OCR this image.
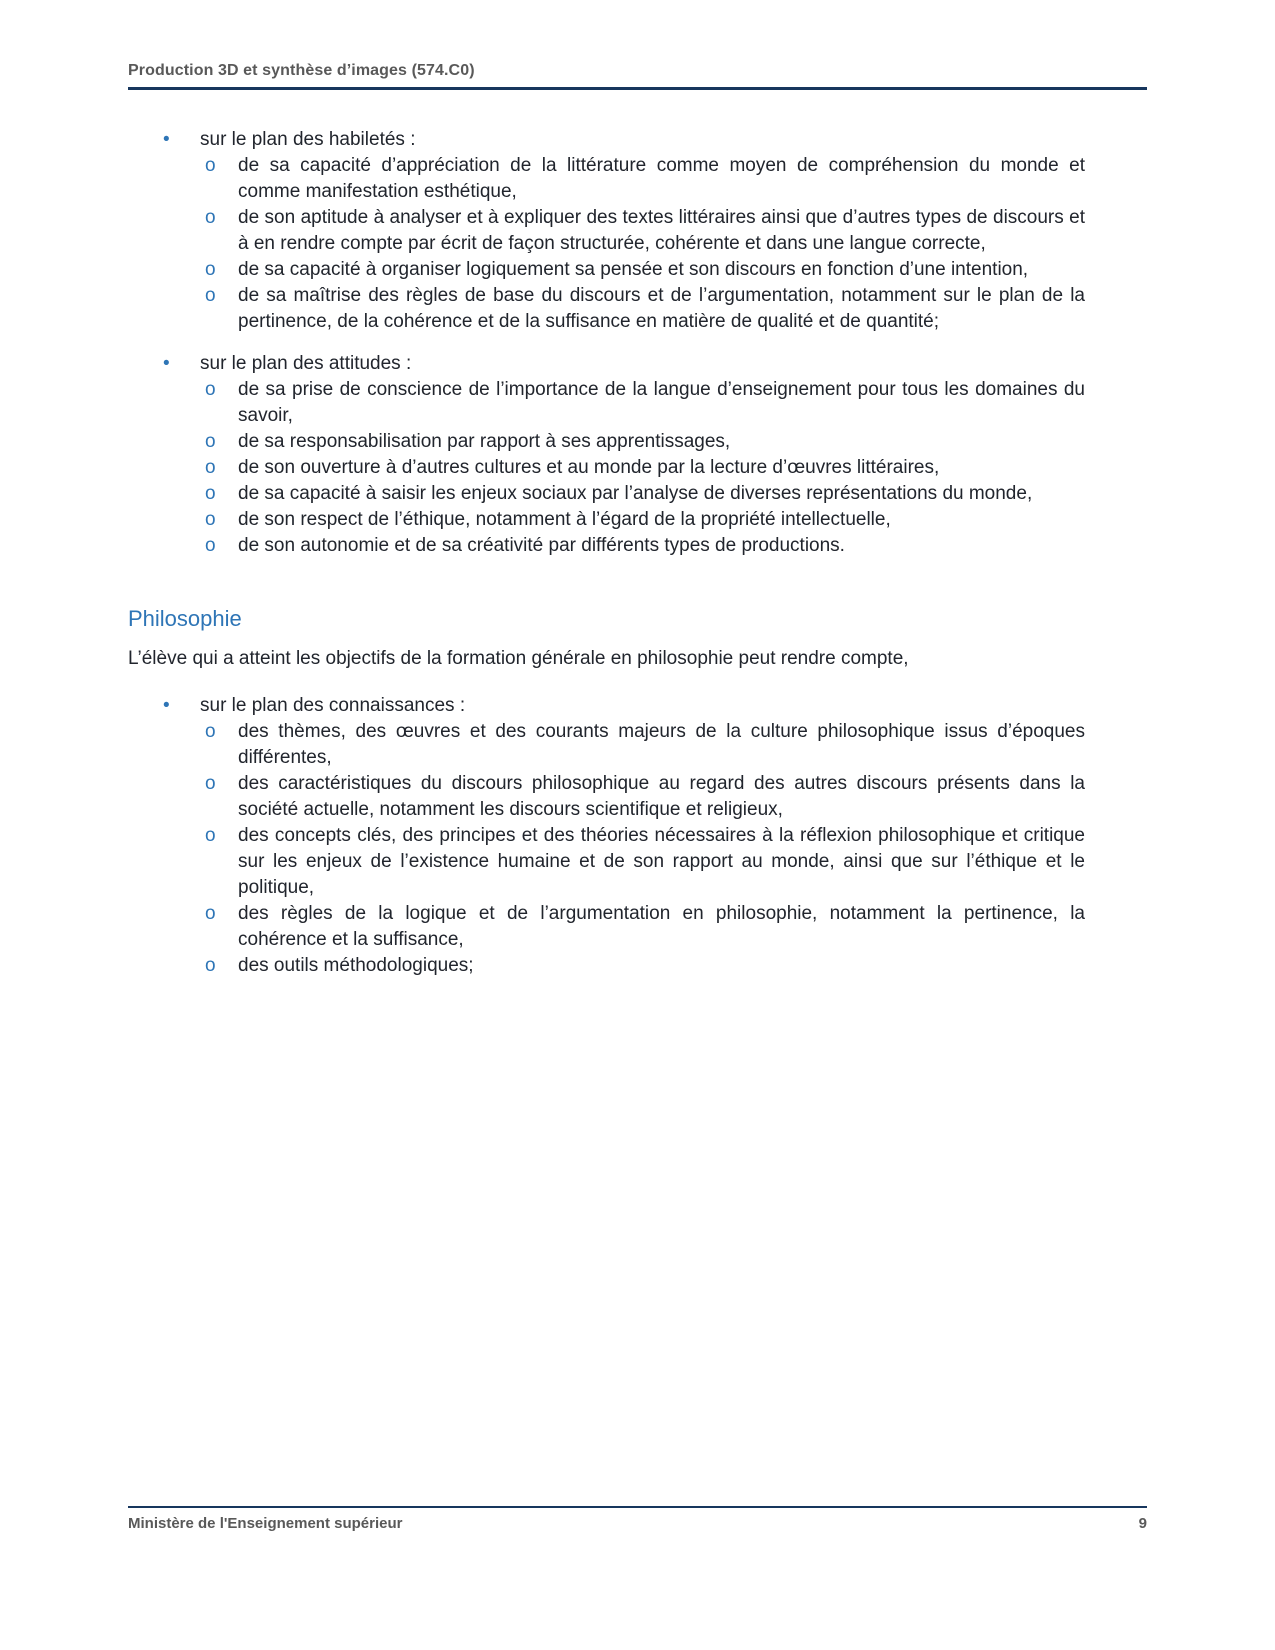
Production 3D et synthèse d’images (574.C0)
• sur le plan des habiletés :
o de sa capacité d’appréciation de la littérature comme moyen de compréhension du monde et comme manifestation esthétique,
o de son aptitude à analyser et à expliquer des textes littéraires ainsi que d’autres types de discours et à en rendre compte par écrit de façon structurée, cohérente et dans une langue correcte,
o de sa capacité à organiser logiquement sa pensée et son discours en fonction d’une intention,
o de sa maîtrise des règles de base du discours et de l’argumentation, notamment sur le plan de la pertinence, de la cohérence et de la suffisance en matière de qualité et de quantité;
• sur le plan des attitudes :
o de sa prise de conscience de l’importance de la langue d’enseignement pour tous les domaines du savoir,
o de sa responsabilisation par rapport à ses apprentissages,
o de son ouverture à d’autres cultures et au monde par la lecture d’œuvres littéraires,
o de sa capacité à saisir les enjeux sociaux par l’analyse de diverses représentations du monde,
o de son respect de l’éthique, notamment à l’égard de la propriété intellectuelle,
o de son autonomie et de sa créativité par différents types de productions.
Philosophie
L’élève qui a atteint les objectifs de la formation générale en philosophie peut rendre compte,
• sur le plan des connaissances :
o des thèmes, des œuvres et des courants majeurs de la culture philosophique issus d’époques différentes,
o des caractéristiques du discours philosophique au regard des autres discours présents dans la société actuelle, notamment les discours scientifique et religieux,
o des concepts clés, des principes et des théories nécessaires à la réflexion philosophique et critique sur les enjeux de l’existence humaine et de son rapport au monde, ainsi que sur l’éthique et le politique,
o des règles de la logique et de l’argumentation en philosophie, notamment la pertinence, la cohérence et la suffisance,
o des outils méthodologiques;
Ministère de l'Enseignement supérieur	9
